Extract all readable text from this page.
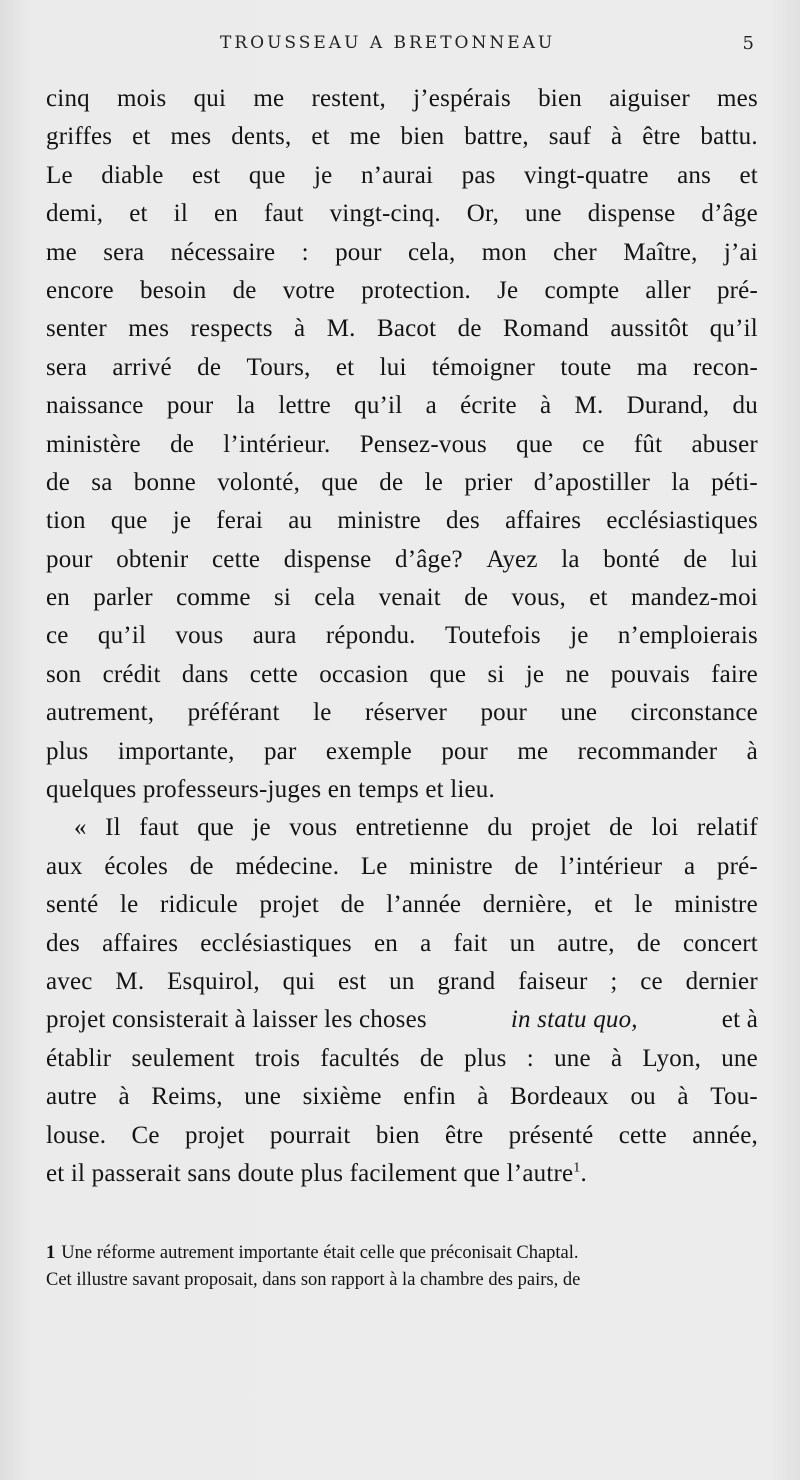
TROUSSEAU A BRETONNEAU	5
cinq mois qui me restent, j’espérais bien aiguiser mes
griffes et mes dents, et me bien battre, sauf à être battu.
Le diable est que je n’aurai pas vingt-quatre ans et
demi, et il en faut vingt-cinq. Or, une dispense d’âge
me sera nécessaire : pour cela, mon cher Maître, j’ai
encore besoin de votre protection. Je compte aller pré-
senter mes respects à M. Bacot de Romand aussitôt qu’il
sera arrivé de Tours, et lui témoigner toute ma recon-
naissance pour la lettre qu’il a écrite à M. Durand, du
ministère de l’intérieur. Pensez-vous que ce fût abuser
de sa bonne volonté, que de le prier d’apostiller la péti-
tion que je ferai au ministre des affaires ecclésiastiques
pour obtenir cette dispense d’âge? Ayez la bonté de lui
en parler comme si cela venait de vous, et mandez-moi
ce qu’il vous aura répondu. Toutefois je n’emploierais
son crédit dans cette occasion que si je ne pouvais faire
autrement, préférant le réserver pour une circonstance
plus importante, par exemple pour me recommander à
quelques professeurs-juges en temps et lieu.
« Il faut que je vous entretienne du projet de loi relatif
aux écoles de médecine. Le ministre de l’intérieur a pré-
senté le ridicule projet de l’année dernière, et le ministre
des affaires ecclésiastiques en a fait un autre, de concert
avec M. Esquirol, qui est un grand faiseur ; ce dernier
projet consisterait à laisser les choses	in statu quo,	et à
établir seulement trois facultés de plus : une à Lyon, une
autre à Reims, une sixième enfin à Bordeaux ou à Tou-
louse. Ce projet pourrait bien être présenté cette année,
et il passerait sans doute plus facilement que l’autre$^1$.
1 Une réforme autrement importante était celle que préconisait Chaptal.
Cet illustre savant proposait, dans son rapport à la chambre des pairs, de
